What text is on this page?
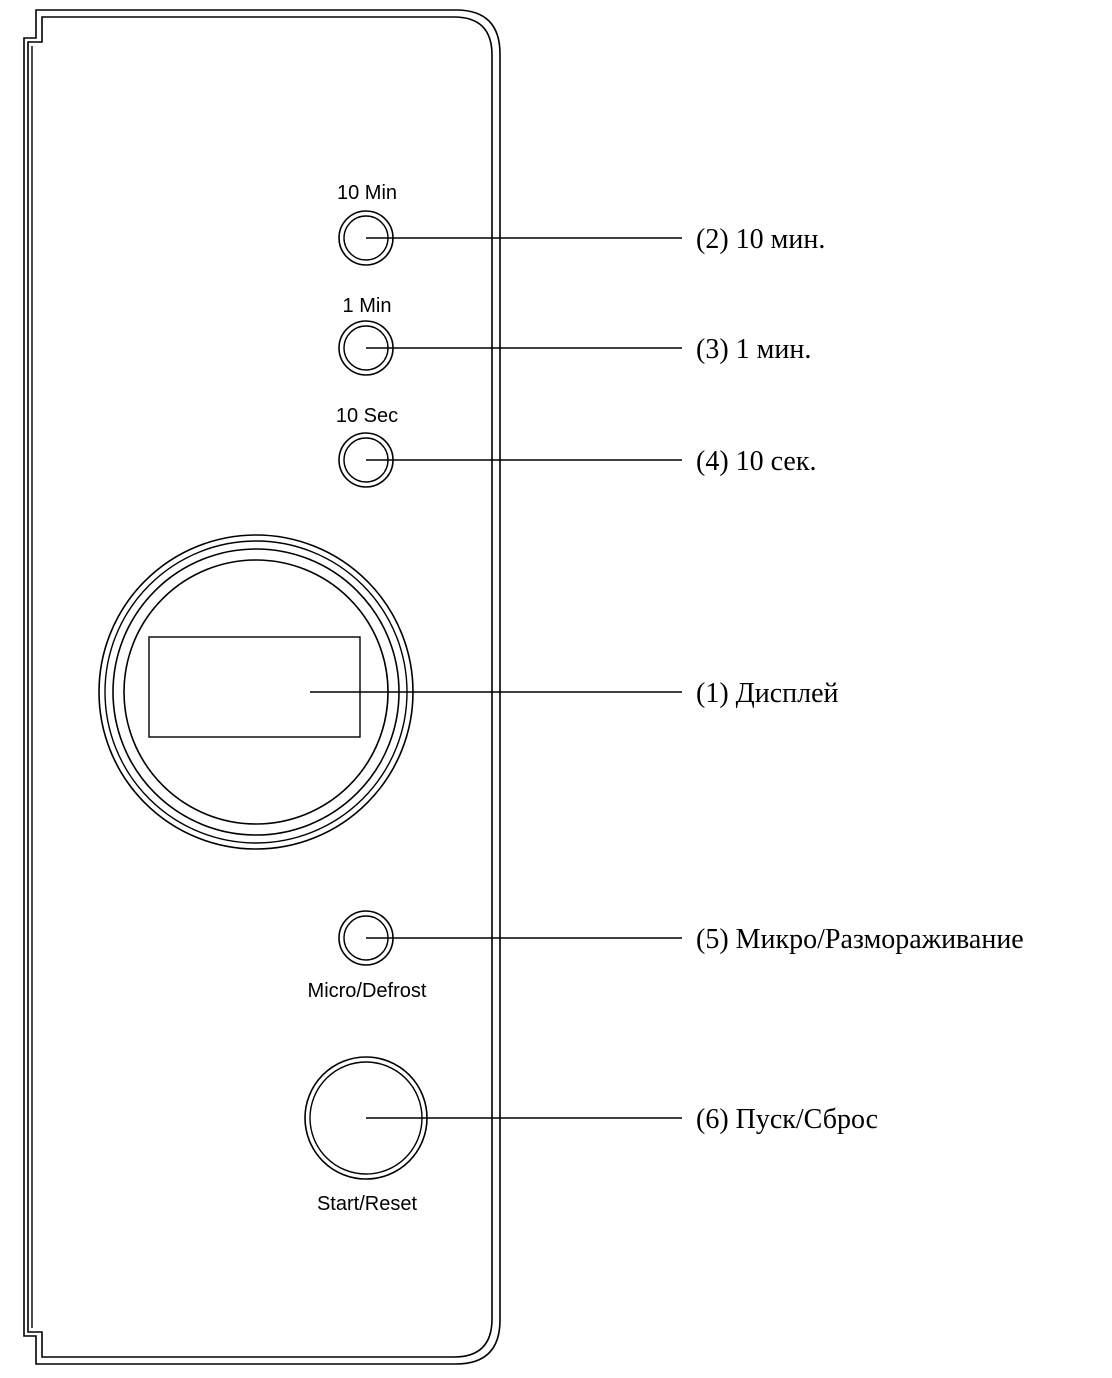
10 Min
(2) 10 мин.
1 Min
(3) 1 мин.
10 Sec
(4) 10 сек.
(1) Дисплей
Micro/Defrost
(5) Микро/Размораживание
Start/Reset
(6) Пуск/Сброс
